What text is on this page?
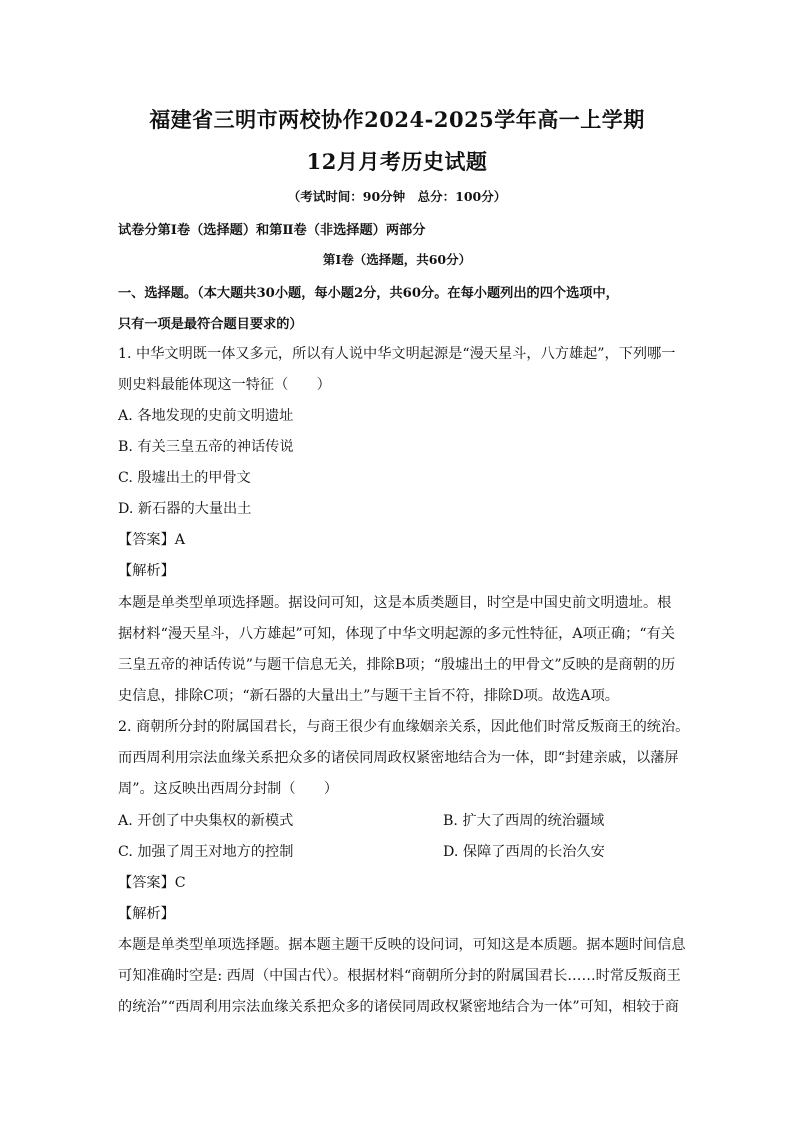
福建省三明市两校协作2024-2025学年高一上学期
12月月考历史试题
（考试时间：90分钟　总分：100分）
试卷分第Ⅰ卷（选择题）和第Ⅱ卷（非选择题）两部分
第Ⅰ卷（选择题，共60分）
一、选择题。（本大题共30小题，每小题2分，共60分。在每小题列出的四个选项中，
只有一项是最符合题目要求的）
1. 中华文明既一体又多元，所以有人说中华文明起源是“漫天星斗，八方雄起”，下列哪一
则史料最能体现这一特征（　　）
A. 各地发现的史前文明遗址
B. 有关三皇五帝的神话传说
C. 殷墟出土的甲骨文
D. 新石器的大量出土
【答案】A
【解析】
本题是单类型单项选择题。据设问可知，这是本质类题目，时空是中国史前文明遗址。根
据材料“漫天星斗，八方雄起”可知，体现了中华文明起源的多元性特征，A项正确；“有关
三皇五帝的神话传说”与题干信息无关，排除B项；“殷墟出土的甲骨文”反映的是商朝的历
史信息，排除C项；“新石器的大量出土”与题干主旨不符，排除D项。故选A项。
2. 商朝所分封的附属国君长，与商王很少有血缘姻亲关系，因此他们时常反叛商王的统治。
而西周利用宗法血缘关系把众多的诸侯同周政权紧密地结合为一体，即“封建亲戚，以藩屏
周”。这反映出西周分封制（　　）
A. 开创了中央集权的新模式	B. 扩大了西周的统治疆域
C. 加强了周王对地方的控制	D. 保障了西周的长治久安
【答案】C
【解析】
本题是单类型单项选择题。据本题主题干反映的设问词，可知这是本质题。据本题时间信息
可知准确时空是: 西周（中国古代）。根据材料“商朝所分封的附属国君长……时常反叛商王
的统治”“西周利用宗法血缘关系把众多的诸侯同周政权紧密地结合为一体”可知，相较于商
